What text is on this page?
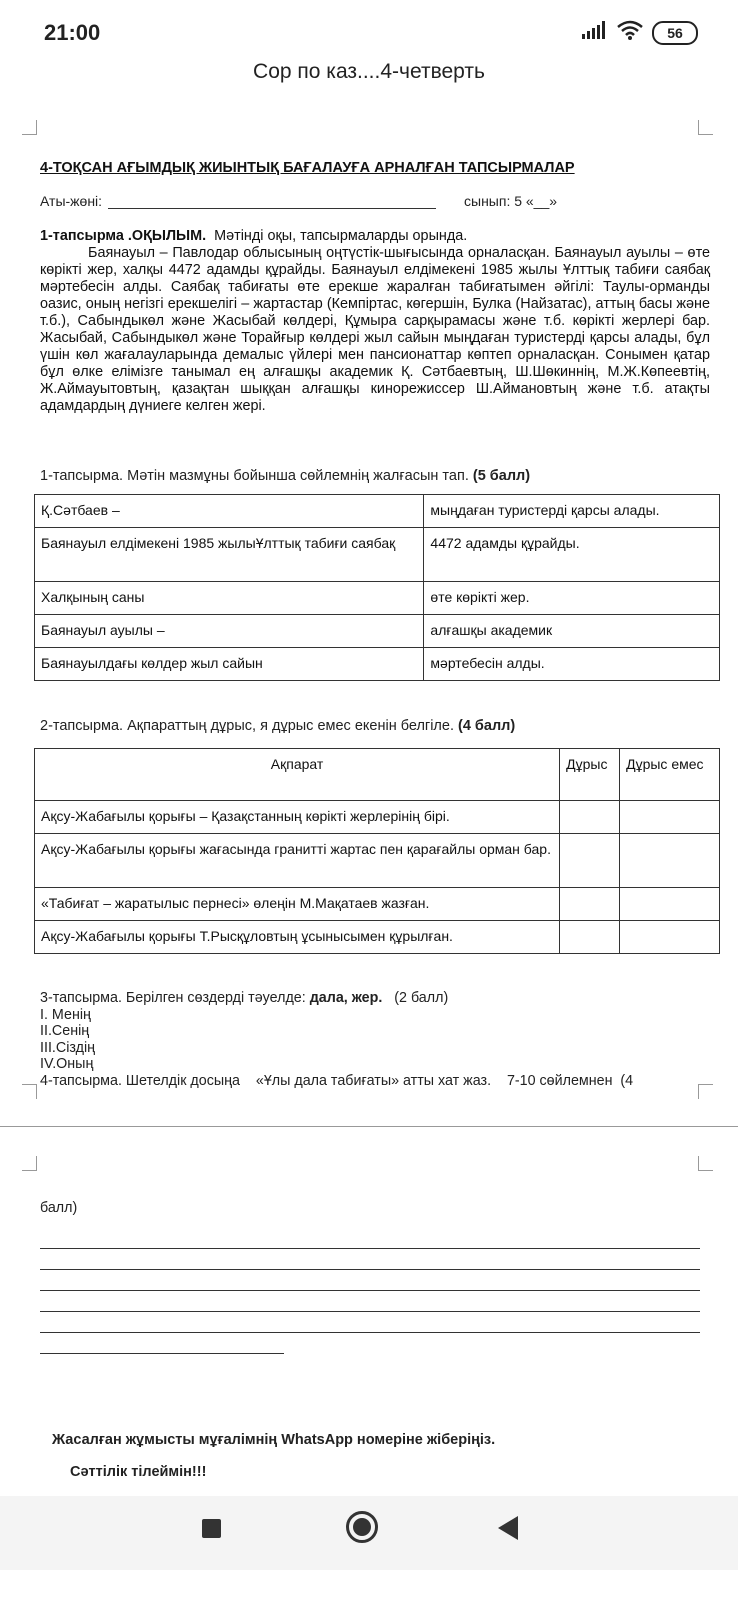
21:00	56
Сор по каз....4-четверть
4-ТОҚСАН АҒЫМДЫҚ ЖИЫНТЫҚ БАҒАЛАУҒА АРНАЛҒАН ТАПСЫРМАЛАР
Аты-жөні:	сынып: 5 «__»
1-тапсырма .ОҚЫЛЫМ. Мәтінді оқы, тапсырмаларды орында.

Баянауыл – Павлодар облысының оңтүстік-шығысында орналасқан. Баянауыл ауылы – өте көрікті жер, халқы 4472 адамды құрайды. Баянауыл елдімекені 1985 жылы Ұлттық табиғи саябақ мәртебесін алды. Саябақ табиғаты өте ерекше жаралған табиғатымен әйгілі: Таулы-орманды оазис, оның негізгі ерекшелігі – жартастар (Кемпіртас, көгершін, Булка (Найзатас), аттың басы және т.б.), Сабындыкөл және Жасыбай көлдері, Құмыра сарқырамасы және т.б. көрікті жерлері бар. Жасыбай, Сабындыкөл және Торайғыр көлдері жыл сайын мыңдаған туристерді қарсы алады, бұл үшін көл жағалауларында демалыс үйлері мен пансионаттар көптеп орналасқан. Сонымен қатар бұл өлке елімізге танымал ең алғашқы академик Қ. Сәтбаевтың, Ш.Шөкиннің, М.Ж.Көпеевтің, Ж.Аймауытовтың, қазақтан шыққан алғашқы кинорежиссер Ш.Аймановтың және т.б. атақты адамдардың дүниеге келген жері.

1-тапсырма. Мәтін мазмұны бойынша сөйлемнің жалғасын тап. (5 балл)
Қ.Сәтбаев –	мыңдаған туристерді қарсы алады.
Баянауыл елдімекені 1985 жылыҰлттық табиғи саябақ	4472 адамды құрайды.
Халқының саны	өте көрікті жер.
Баянауыл ауылы –	алғашқы академик
Баянауылдағы көлдер жыл сайын	мәртебесін алды.
2-тапсырма. Ақпараттың дұрыс, я дұрыс емес екенін белгіле. (4 балл)
Ақпарат	Дұрыс	Дұрыс емес
Ақсу-Жабағылы қорығы – Қазақстанның көрікті жерлерінің бірі.		
Ақсу-Жабағылы қорығы жағасында гранитті жартас пен қарағайлы орман бар.		
«Табиғат – жаратылыс пернесі» өлеңін М.Мақатаев жазған.		
Ақсу-Жабағылы қорығы Т.Рысқұловтың ұсынысымен құрылған.		
3-тапсырма. Берілген сөздерді тәуелде: дала, жер. (2 балл)
I. Менің
II.Сенің
III.Сіздің
IV.Оның
4-тапсырма. Шетелдік досыңа    «Ұлы дала табиғаты» атты хат жаз.    7-10 сөйлемнен  (4
балл)
Жасалған жұмысты мұғалімнің WhatsApp номеріне жіберіңіз.
Сәттілік тілеймін!!!
